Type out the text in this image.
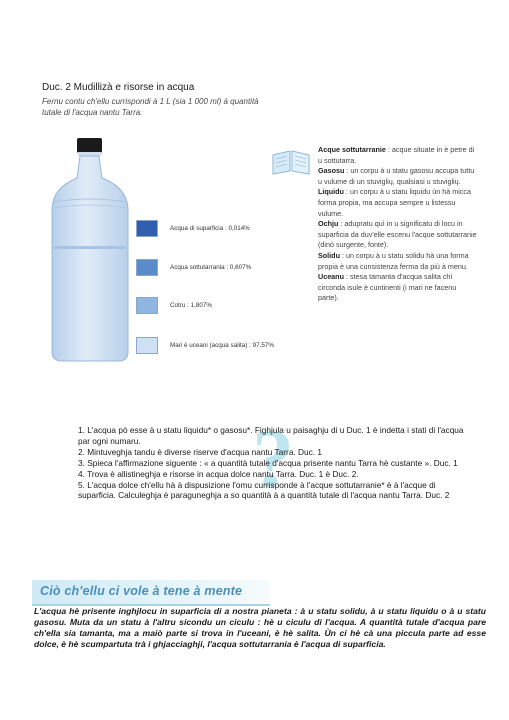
Duc. 2 Mudillizà e risorse in acqua
Fernu contu ch'ellu currispondi à 1 L (sia 1 000 ml) à quantità tutale di l'acqua nantu Tarra.
Acqua di suparficia : 0,014%
Acqua sottutarrania : 0,607%
Cotru : 1,807%
Mari è uceani (acqua salita) : 97,57%

Acque sottutarranie : acque situate in è petre di u sottutarra.

Gasosu : un corpu à u statu gasosu accupa tuttu u vulume di un stuviglių, qualsiasi u stuviglių.

Liquidu : un corpu à u statu liquidu ùn hà micca forma propia, ma accupa sempre u listessu vulume.

Ochju : adupratu quì in u significatu di locu in suparficia da duv'elle escenu l'acque sottutarranie (dinò surgente, fonte).

Solidu : un corpu à u statu solidu hà una forma propia è una cunsistenza ferma da più à menu.

Uceanu : stesa tamanta d'acqua salita chì circonda isule è cuntinenti (i mari ne facenu parte).

?

1. L'acqua pò esse à u statu liquidu* o gasosu*. Fighjula u paisaghju di u Duc. 1 è indetta i stati di l'acqua par ogni numaru.

2. Mintuveghja tandu è diverse riserve d'acqua nantu Tarra. Duc. 1

3. Spieca l'affirmazione siguente : « a quantità tutale d'acqua prisente nantu Tarra hè custante ». Duc. 1

4. Trova è allistineghja e risorse in acqua dolce nantu Tarra. Duc. 1 è Duc. 2.

5. L'acqua dolce ch'ellu hà à dispusizione l'omu currisponde à l'acque sottutarranie* è à l'acque di suparficia. Calculeghja è paraguneghja a so quantità à a quantità tutale di l'acqua nantu Tarra. Duc. 2

Ciò ch'ellu ci vole à tene à mente
L'acqua hè prisente inghjlocu in suparficia di a nostra pianeta : à u statu solidu, à u statu liquidu o à u statu gasosu. Muta da un statu à l'altru sicondu un ciculu : hè u ciculu di l'acqua. A quantità tutale d'acqua pare ch'ella sia tamanta, ma a maiò parte si trova in l'uceani, è hè salita. Ùn ci hè cà una piccula parte ad esse dolce, è hè scumpartuta trà i ghjacciaghji, l'acqua sottutarrania è l'acqua di suparficia.
